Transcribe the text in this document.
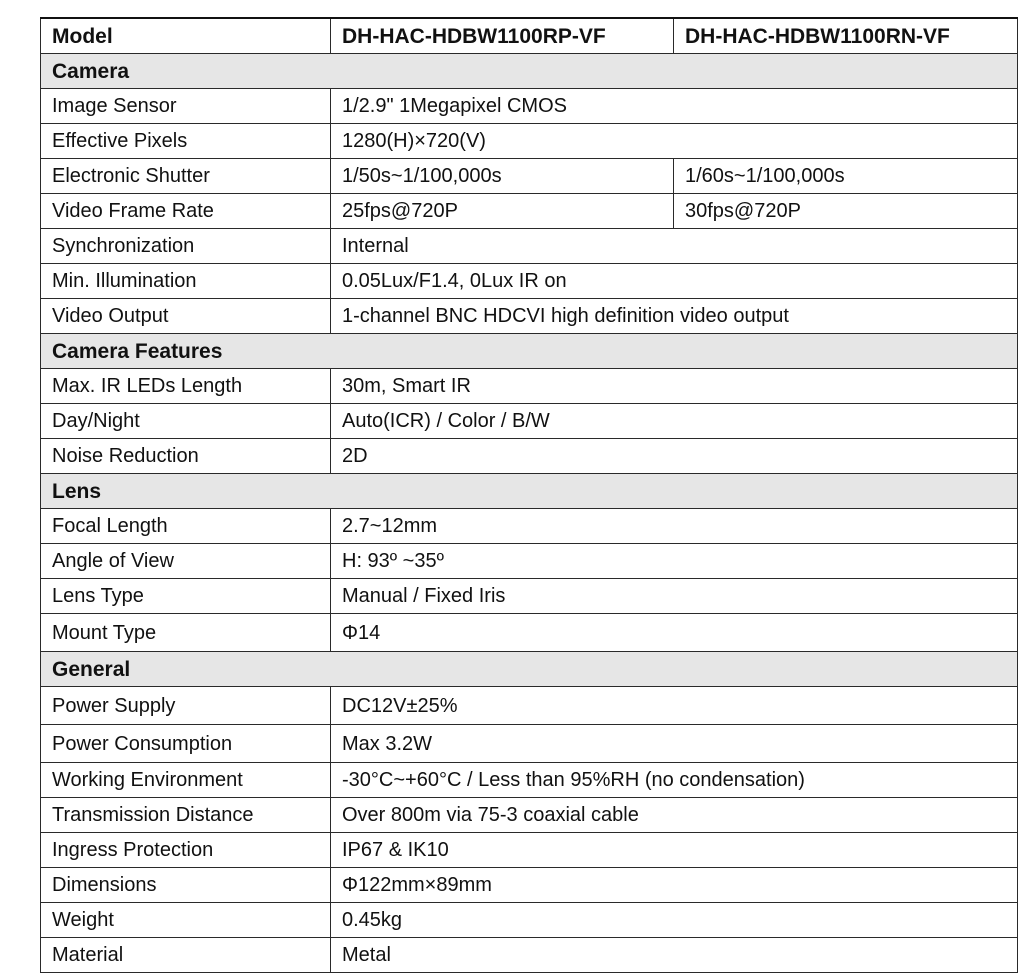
Model	DH-HAC-HDBW1100RP-VF	DH-HAC-HDBW1100RN-VF
Camera		
Image Sensor	1/2.9" 1Megapixel CMOS	
Effective Pixels	1280(H)×720(V)	
Electronic Shutter	1/50s~1/100,000s	1/60s~1/100,000s
Video Frame Rate	25fps@720P	30fps@720P
Synchronization	Internal	
Min. Illumination	0.05Lux/F1.4, 0Lux IR on	
Video Output	1-channel BNC HDCVI high definition video output	
Camera Features		
Max. IR LEDs Length	30m, Smart IR	
Day/Night	Auto(ICR) / Color / B/W	
Noise Reduction	2D	
Lens		
Focal Length	2.7~12mm	
Angle of View	H: 93º ~35º	
Lens Type	Manual / Fixed Iris	
Mount Type	Φ14	
General		
Power Supply	DC12V±25%	
Power Consumption	Max 3.2W	
Working Environment	-30°C~+60°C / Less than 95%RH (no condensation)	
Transmission Distance	Over 800m via 75-3 coaxial cable	
Ingress Protection	IP67 & IK10	
Dimensions	Φ122mm×89mm	
Weight	0.45kg	
Material	Metal	
